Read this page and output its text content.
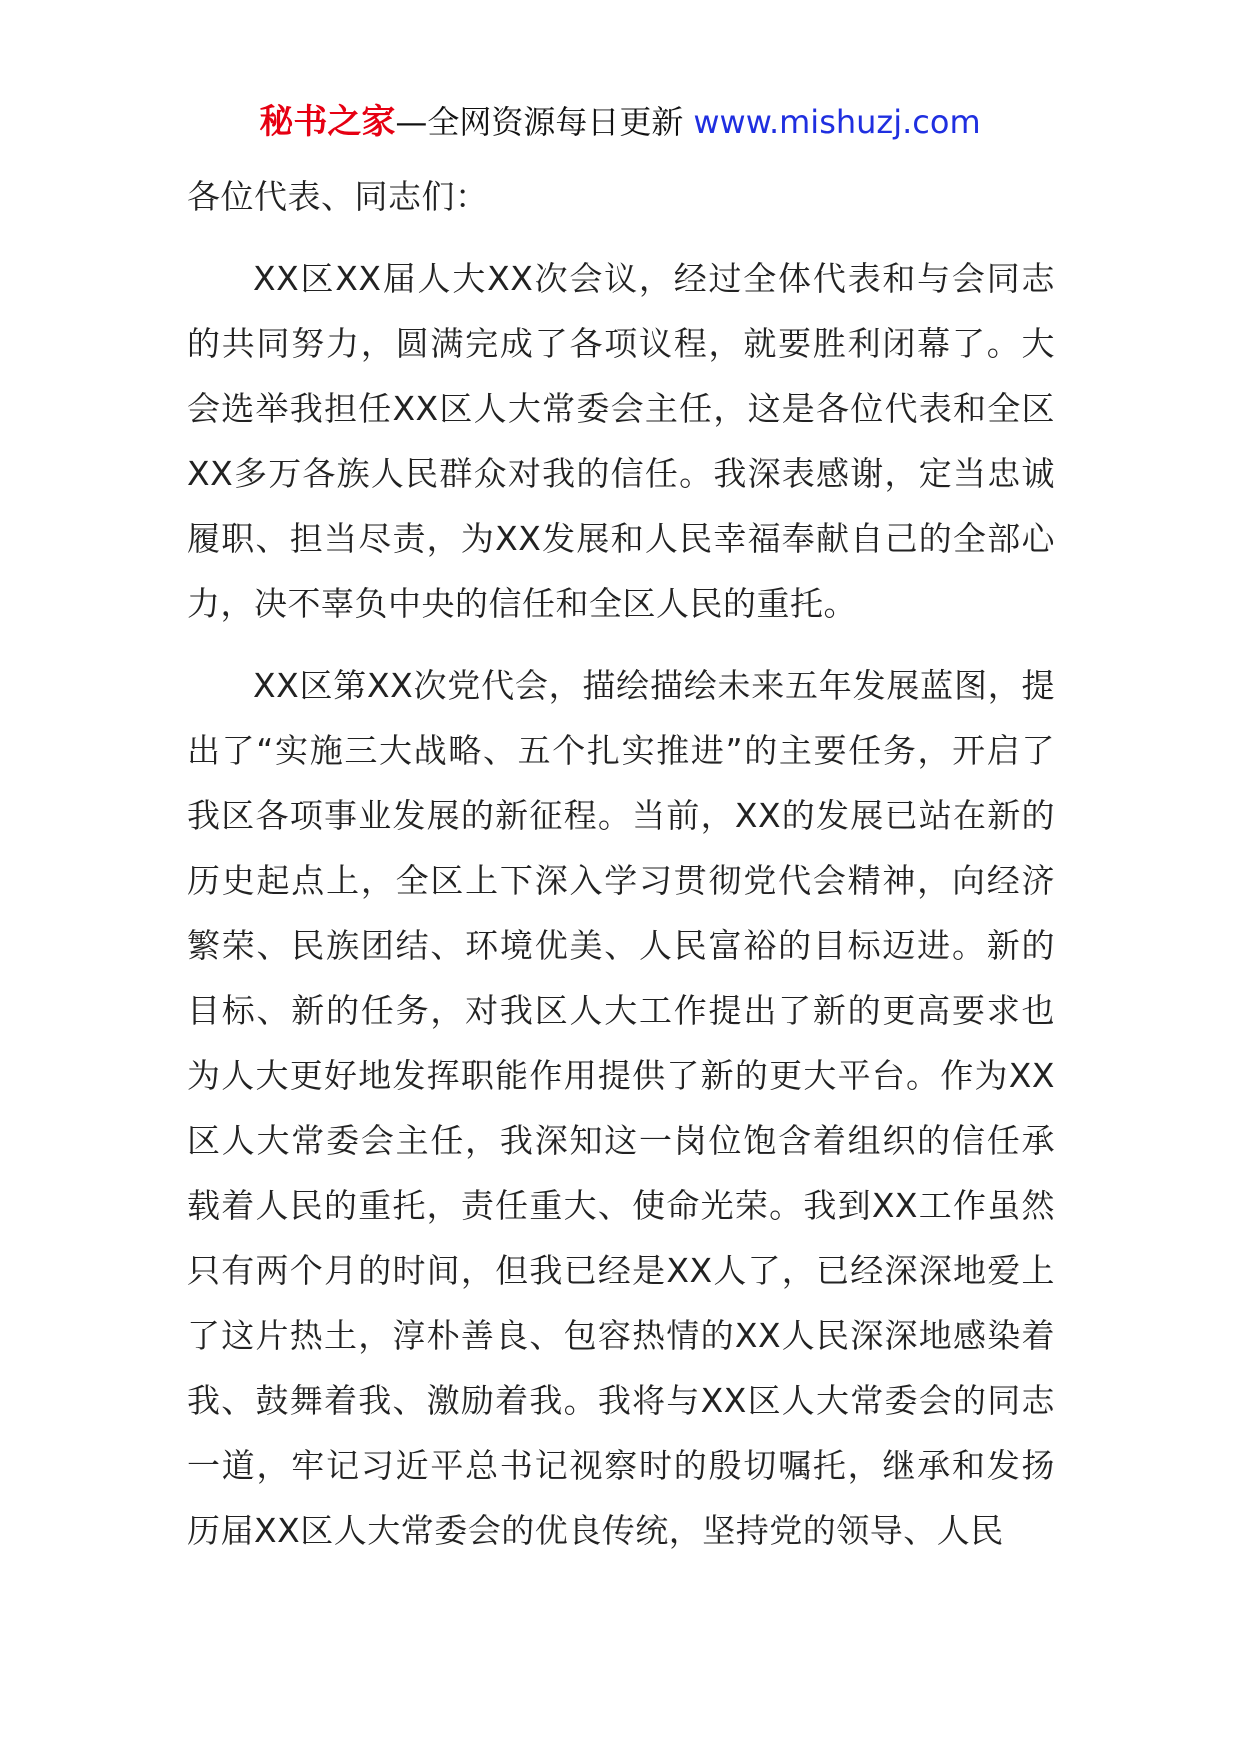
秘书之家—全网资源每日更新 www.mishuzj.com

各位代表、同志们：

XX区XX届人大XX次会议，经过全体代表和与会同志的共同努力，圆满完成了各项议程，就要胜利闭幕了。大会选举我担任XX区人大常委会主任，这是各位代表和全区XX多万各族人民群众对我的信任。我深表感谢，定当忠诚履职、担当尽责，为XX发展和人民幸福奉献自己的全部心力，决不辜负中央的信任和全区人民的重托。

XX区第XX次党代会，描绘描绘未来五年发展蓝图，提出了“实施三大战略、五个扎实推进”的主要任务，开启了我区各项事业发展的新征程。当前，XX的发展已站在新的历史起点上，全区上下深入学习贯彻党代会精神，向经济繁荣、民族团结、环境优美、人民富裕的目标迈进。新的目标、新的任务，对我区人大工作提出了新的更高要求也为人大更好地发挥职能作用提供了新的更大平台。作为XX区人大常委会主任，我深知这一岗位饱含着组织的信任承载着人民的重托，责任重大、使命光荣。我到XX工作虽然只有两个月的时间，但我已经是XX人了，已经深深地爱上了这片热土，淳朴善良、包容热情的XX人民深深地感染着我、鼓舞着我、激励着我。我将与XX区人大常委会的同志一道，牢记习近平总书记视察时的殷切嘱托，继承和发扬历届XX区人大常委会的优良传统，坚持党的领导、人民
